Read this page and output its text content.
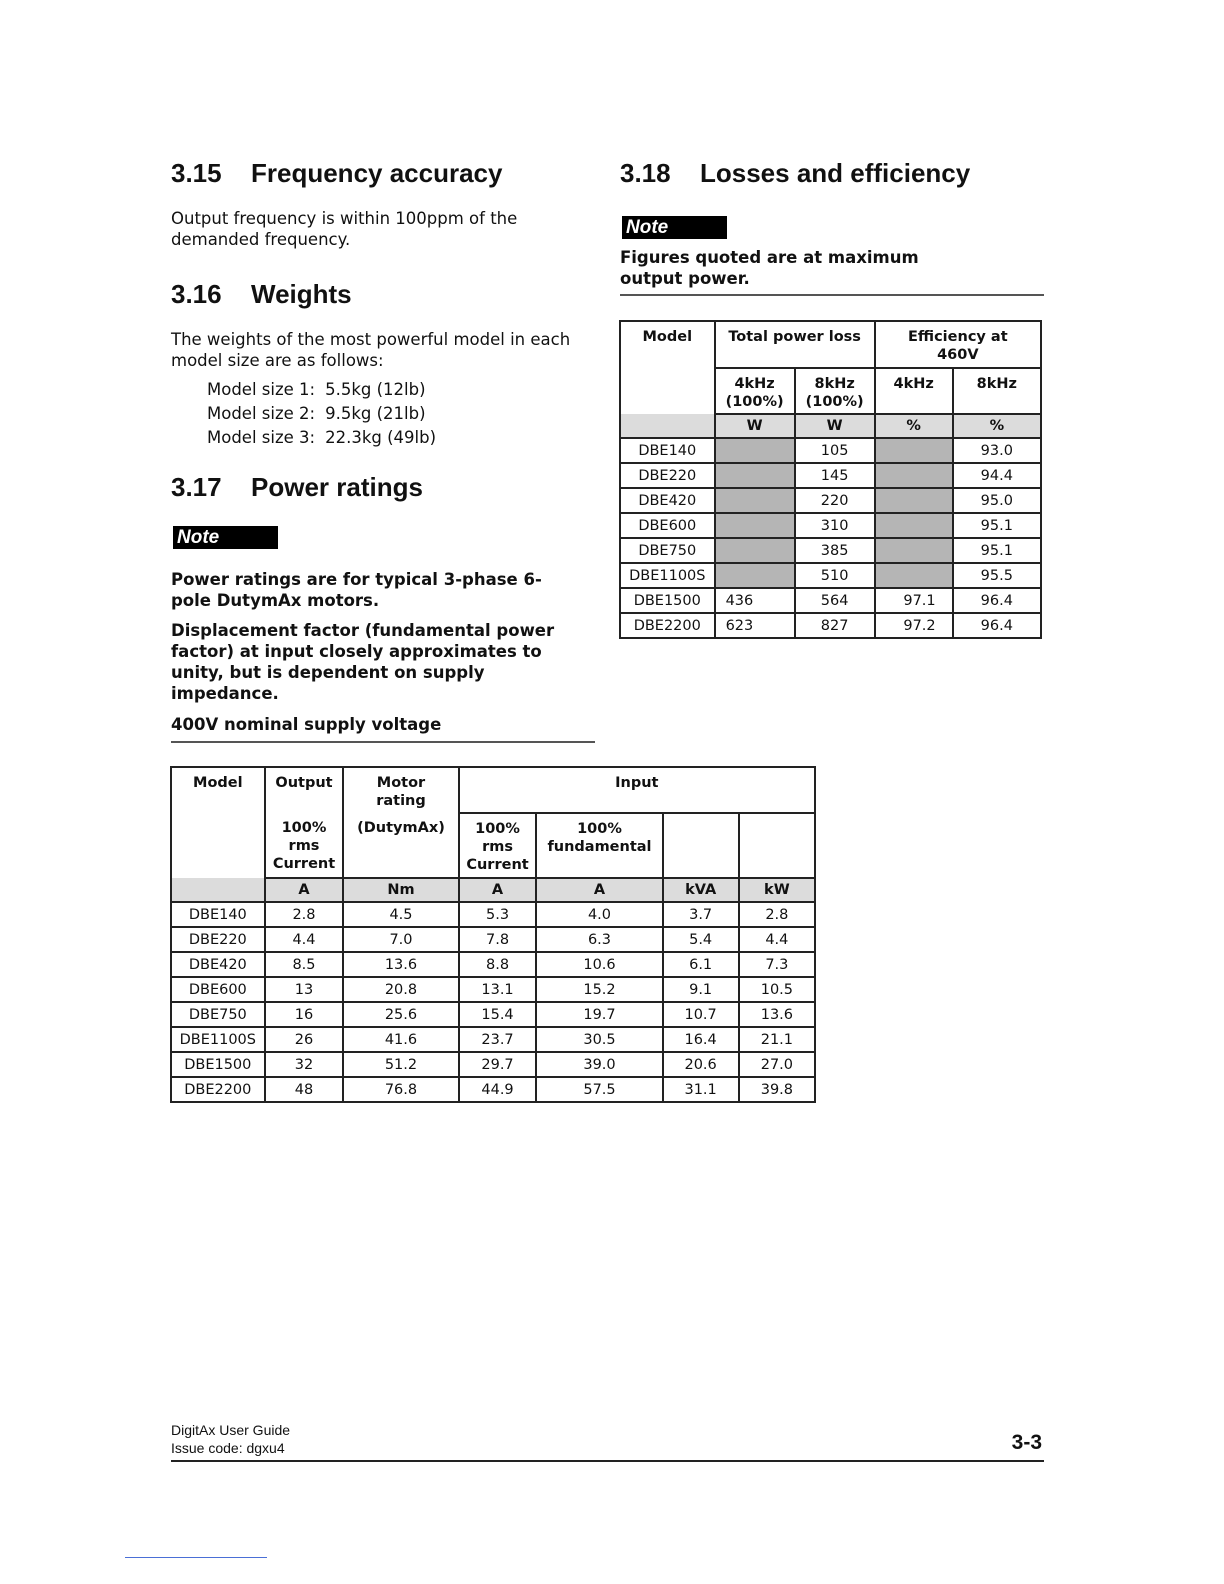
3.15 Frequency accuracy
Output frequency is within 100ppm of the demanded frequency.
3.16 Weights
The weights of the most powerful model in each model size are as follows:
Model size 1: 5.5kg (12lb)
Model size 2: 9.5kg (21lb)
Model size 3: 22.3kg (49lb)
3.17 Power ratings
Note
Power ratings are for typical 3-phase 6-pole DutymAx motors.
Displacement factor (fundamental power factor) at input closely approximates to unity, but is dependent on supply impedance.
400V nominal supply voltage
3.18 Losses and efficiency
Note
Figures quoted are at maximum output power.
Model	Total power loss		Efficiency at 460V	
	4kHz (100%)	8kHz (100%)	4kHz	8kHz
	W	W	%	%
DBE140		105		93.0
DBE220		145		94.4
DBE420		220		95.0
DBE600		310		95.1
DBE750		385		95.1
DBE1100S		510		95.5
DBE1500	436	564	97.1	96.4
DBE2200	623	827	97.2	96.4
Model	Output	Motor rating	Input			
	100% rms Current	(DutymAx)	100% rms Current	100% fundamental		
	A	Nm	A	A	kVA	kW
DBE140	2.8	4.5	5.3	4.0	3.7	2.8
DBE220	4.4	7.0	7.8	6.3	5.4	4.4
DBE420	8.5	13.6	8.8	10.6	6.1	7.3
DBE600	13	20.8	13.1	15.2	9.1	10.5
DBE750	16	25.6	15.4	19.7	10.7	13.6
DBE1100S	26	41.6	23.7	30.5	16.4	21.1
DBE1500	32	51.2	29.7	39.0	20.6	27.0
DBE2200	48	76.8	44.9	57.5	31.1	39.8
DigitAx User Guide
Issue code: dgxu4	3-3
